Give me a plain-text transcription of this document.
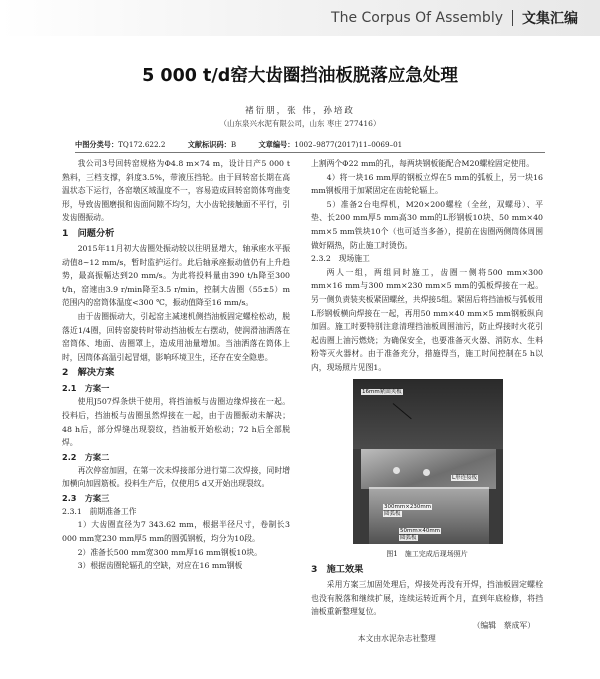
The Corpus Of Assembly 文集汇编
5 000 t/d窑大齿圈挡油板脱落应急处理
褚衍朋，张 伟，孙培政
（山东泉兴水泥有限公司，山东 枣庄 277416）
中图分类号：TQ172.622.2	文献标识码：B	文章编号：1002–9877(2017)11–0069–01

我公司3号回转窑规格为Φ4.8 m×74 m，设计日产5 000 t熟料，三档支撑，斜度3.5%，带液压挡轮。由于回转窑长期在高温状态下运行，各窑墩区域温度不一，容易造成回转窑筒体弯曲变形，导致齿圈磨损和齿面间隙不均匀，大小齿轮接触面不平行，引发齿圈振动。

1　问题分析

2015年11月初大齿圈处振动较以往明显增大，轴承座水平振动值8~12 mm/s，暂时监护运行。此后轴承座振动值仍有上升趋势，最高振幅达到20 mm/s。为此将投料量由390 t/h降至300 t/h，窑速由3.9 r/min降至3.5 r/min，控制大齿圈（55±5）m范围内的窑筒体温度<300 ℃，振动值降至16 mm/s。

由于齿圈振动大，引起窑主减速机侧挡油板固定螺栓松动，脱落近1/4圈，回转窑旋转时带动挡油板左右摆动，使润滑油洒落在窑筒体、地面、齿圈罩上，造成用油量增加。当油洒落在筒体上时，因筒体高温引起冒烟，影响环境卫生，还存在安全隐患。

2　解决方案
2.1　方案一

使用J507焊条烘干使用，将挡油板与齿圈边缘焊接在一起。投料后，挡油板与齿圈虽然焊接在一起，由于齿圈振动未解决；48 h后，部分焊缝出现裂纹，挡油板开始松动；72 h后全部脱焊。

2.2　方案二

再次停窑加固，在第一次未焊接部分进行第二次焊接，同时增加横向加固筋板。投料生产后，仅使用5 d又开始出现裂纹。

2.3　方案三
2.3.1　前期准备工作

1）大齿圈直径为7 343.62 mm，根据半径尺寸，卷制长3 000 mm宽230 mm厚5 mm的圆弧钢板，均分为10段。

2）准备长500 mm宽300 mm厚16 mm钢板10块。

3）根据齿圈轮辐孔的空缺，对应在16 mm钢板

上割两个Φ22 mm的孔，每两块钢板能配合M20螺栓固定使用。

4）将一块16 mm厚的钢板立焊在5 mm的弧板上，另一块16 mm钢板用于加紧固定在齿轮轮辐上。

5）准备2台电焊机，M20×200螺栓（全丝，双螺母）、平垫、长200 mm厚5 mm高30 mm的L形钢板10块、50 mm×40 mm×5 mm铁块10个（也可适当多备），提前在齿圈两侧筒体周围做好隔热，防止施工时烫伤。

2.3.2　现场施工

两人一组，两组同时施工，齿圈一侧将500 mm×300 mm×16 mm与300 mm×230 mm×5 mm的弧板焊接在一起。另一侧负责装夹板紧固螺丝，共焊接5组。紧固后将挡油板与弧板用L形钢板横向焊接在一起，再用50 mm×40 mm×5 mm钢板纵向加固。施工时要特别注意清理挡油板周围油污，防止焊接时火花引起齿圈上油污燃烧；为确保安全，也要准备灭火器、消防水、生料粉等灭火器材。由于准备充分，措施得当，施工时间控制在5 h以内，现场照片见图1。

16mm紧固夹板
L形连接板
300mm×230mm
圆弧板
50mm×40mm
圆弧板
图1　施工完成后现场照片
3　施工效果

采用方案三加固处理后，焊接处再没有开焊，挡油板固定螺栓也没有脱落和继续扩展，连续运转近两个月，直到年底检修，将挡油板重新整理复位。

（编辑　蔡成军）
本文由水泥杂志社整理
